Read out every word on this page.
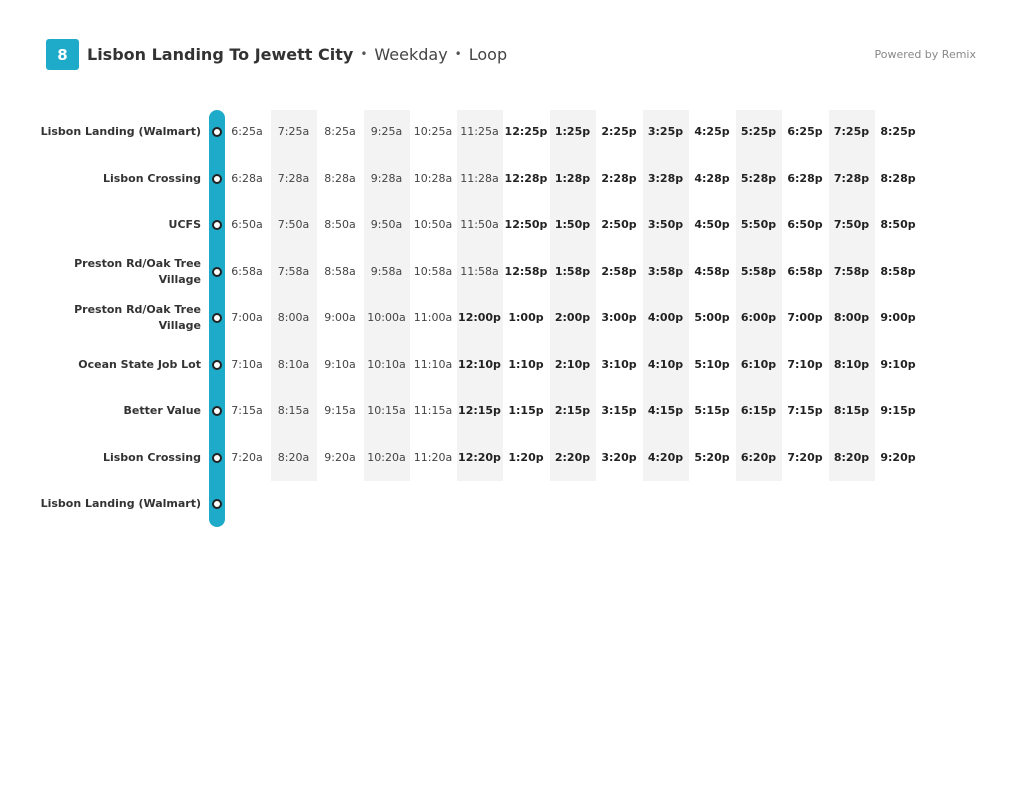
8	Lisbon Landing To Jewett City • Weekday • Loop	Powered by Remix
Lisbon Landing (Walmart)
Lisbon Crossing
UCFS
Preston Rd/Oak Tree
Village
Preston Rd/Oak Tree
Village
Ocean State Job Lot
Better Value
Lisbon Crossing
Lisbon Landing (Walmart)
6:25a
6:28a
6:50a
6:58a
7:00a
7:10a
7:15a
7:20a
7:25a
7:28a
7:50a
7:58a
8:00a
8:10a
8:15a
8:20a
8:25a
8:28a
8:50a
8:58a
9:00a
9:10a
9:15a
9:20a
9:25a
9:28a
9:50a
9:58a
10:00a
10:10a
10:15a
10:20a
10:25a
10:28a
10:50a
10:58a
11:00a
11:10a
11:15a
11:20a
11:25a
11:28a
11:50a
11:58a
12:00p
12:10p
12:15p
12:20p
12:25p
12:28p
12:50p
12:58p
1:00p
1:10p
1:15p
1:20p
1:25p
1:28p
1:50p
1:58p
2:00p
2:10p
2:15p
2:20p
2:25p
2:28p
2:50p
2:58p
3:00p
3:10p
3:15p
3:20p
3:25p
3:28p
3:50p
3:58p
4:00p
4:10p
4:15p
4:20p
4:25p
4:28p
4:50p
4:58p
5:00p
5:10p
5:15p
5:20p
5:25p
5:28p
5:50p
5:58p
6:00p
6:10p
6:15p
6:20p
6:25p
6:28p
6:50p
6:58p
7:00p
7:10p
7:15p
7:20p
7:25p
7:28p
7:50p
7:58p
8:00p
8:10p
8:15p
8:20p
8:25p
8:28p
8:50p
8:58p
9:00p
9:10p
9:15p
9:20p
